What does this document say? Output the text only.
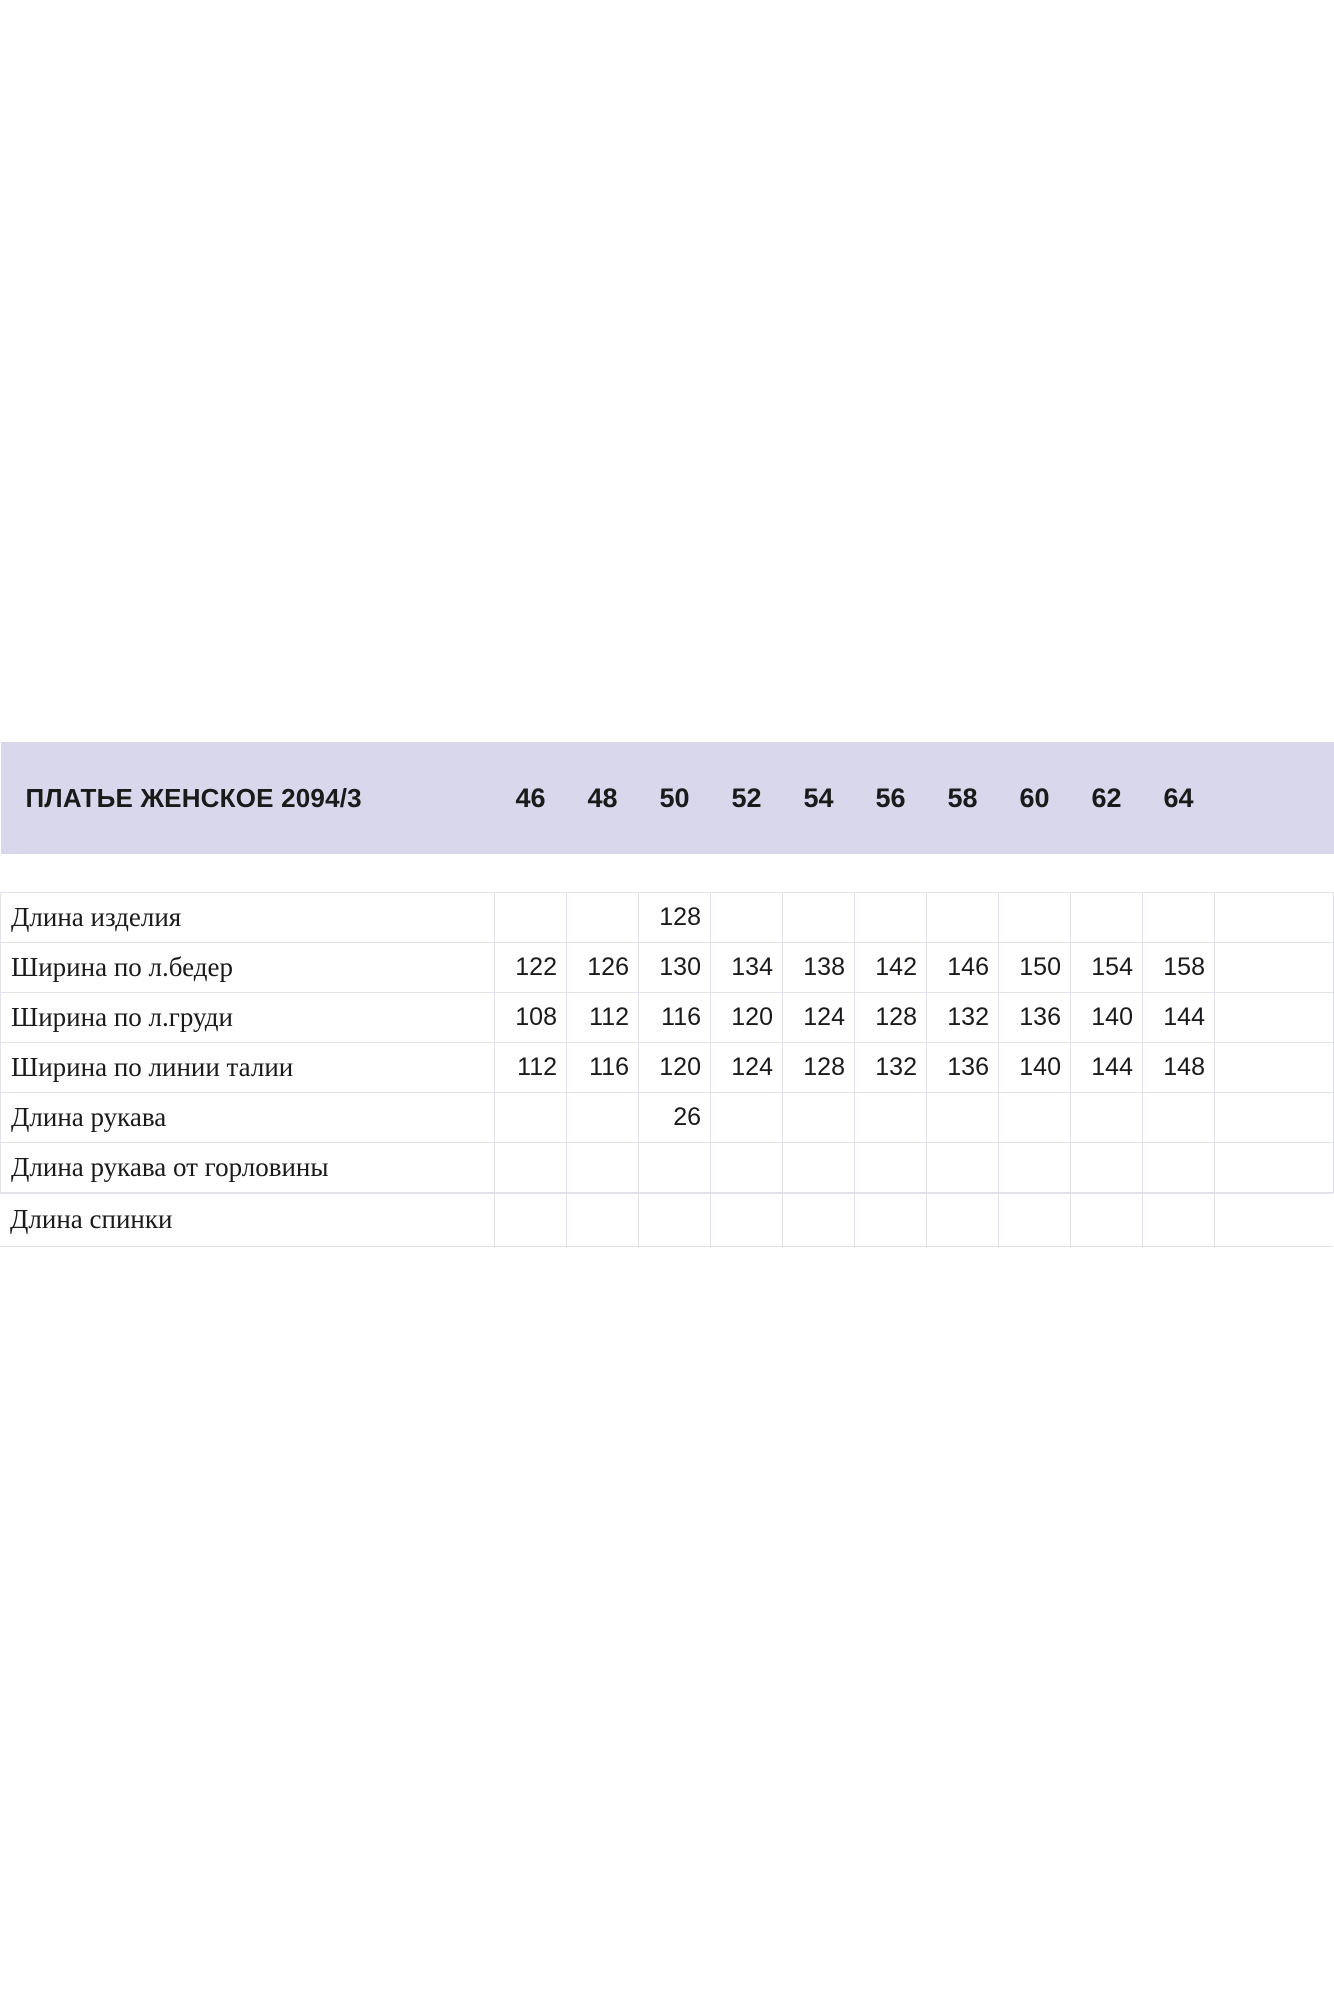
ПЛАТЬЕ ЖЕНСКОЕ 2094/3	46	48	50	52	54	56	58	60	62	64	

Длина изделия			128								
Ширина по л.бедер	122	126	130	134	138	142	146	150	154	158	
Ширина по л.груди	108	112	116	120	124	128	132	136	140	144	
Ширина по линии талии	112	116	120	124	128	132	136	140	144	148	
Длина рукава			26								
Длина рукава от горловины											
Длина спинки											
